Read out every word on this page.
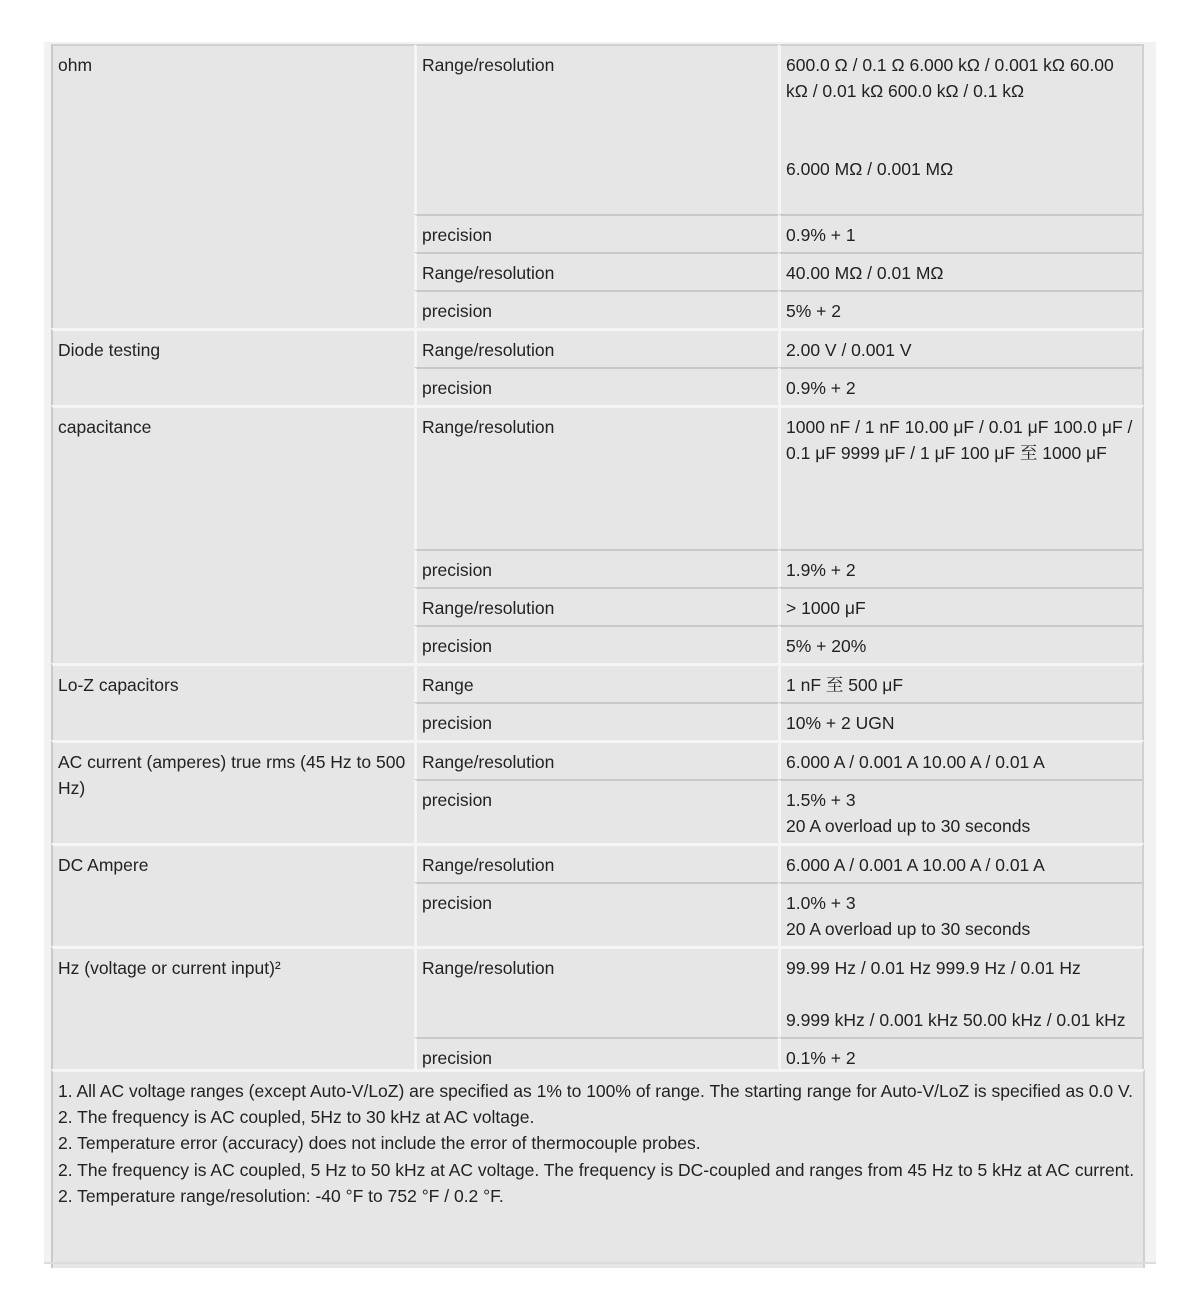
ohm	Range/resolution	600.0 Ω / 0.1 Ω 6.000 kΩ / 0.001 kΩ 60.00 kΩ / 0.01 kΩ 600.0 kΩ / 0.1 kΩ
6.000 MΩ / 0.001 MΩ

	precision	0.9% + 1

	Range/resolution	40.00 MΩ / 0.01 MΩ

	precision	5% + 2

Diode testing	Range/resolution	2.00 V / 0.001 V

	precision	0.9% + 2

capacitance	Range/resolution	1000 nF / 1 nF 10.00 μF / 0.01 μF 100.0 μF / 0.1 μF 9999 μF / 1 μF 100 μF 至 1000 μF

	precision	1.9% + 2

	Range/resolution	> 1000 μF

	precision	5% + 20%

Lo-Z capacitors	Range	1 nF 至 500 μF

	precision	10% + 2 UGN

AC current (amperes) true rms (45 Hz to 500 Hz)	Range/resolution	6.000 A / 0.001 A 10.00 A / 0.01 A

	precision	1.5% + 3
20 A overload up to 30 seconds

DC Ampere	Range/resolution	6.000 A / 0.001 A 10.00 A / 0.01 A

	precision	1.0% + 3
20 A overload up to 30 seconds

Hz (voltage or current input)²	Range/resolution	99.99 Hz / 0.01 Hz 999.9 Hz / 0.01 Hz
9.999 kHz / 0.001 kHz 50.00 kHz / 0.01 kHz

	precision	0.1% + 2

1. All AC voltage ranges (except Auto-V/LoZ) are specified as 1% to 100% of range. The starting range for Auto-V/LoZ is specified as 0.0 V.

2. The frequency is AC coupled, 5Hz to 30 kHz at AC voltage.

2. Temperature error (accuracy) does not include the error of thermocouple probes.

2. The frequency is AC coupled, 5 Hz to 50 kHz at AC voltage. The frequency is DC-coupled and ranges from 45 Hz to 5 kHz at AC current.

2. Temperature range/resolution: -40 °F to 752 °F / 0.2 °F.
